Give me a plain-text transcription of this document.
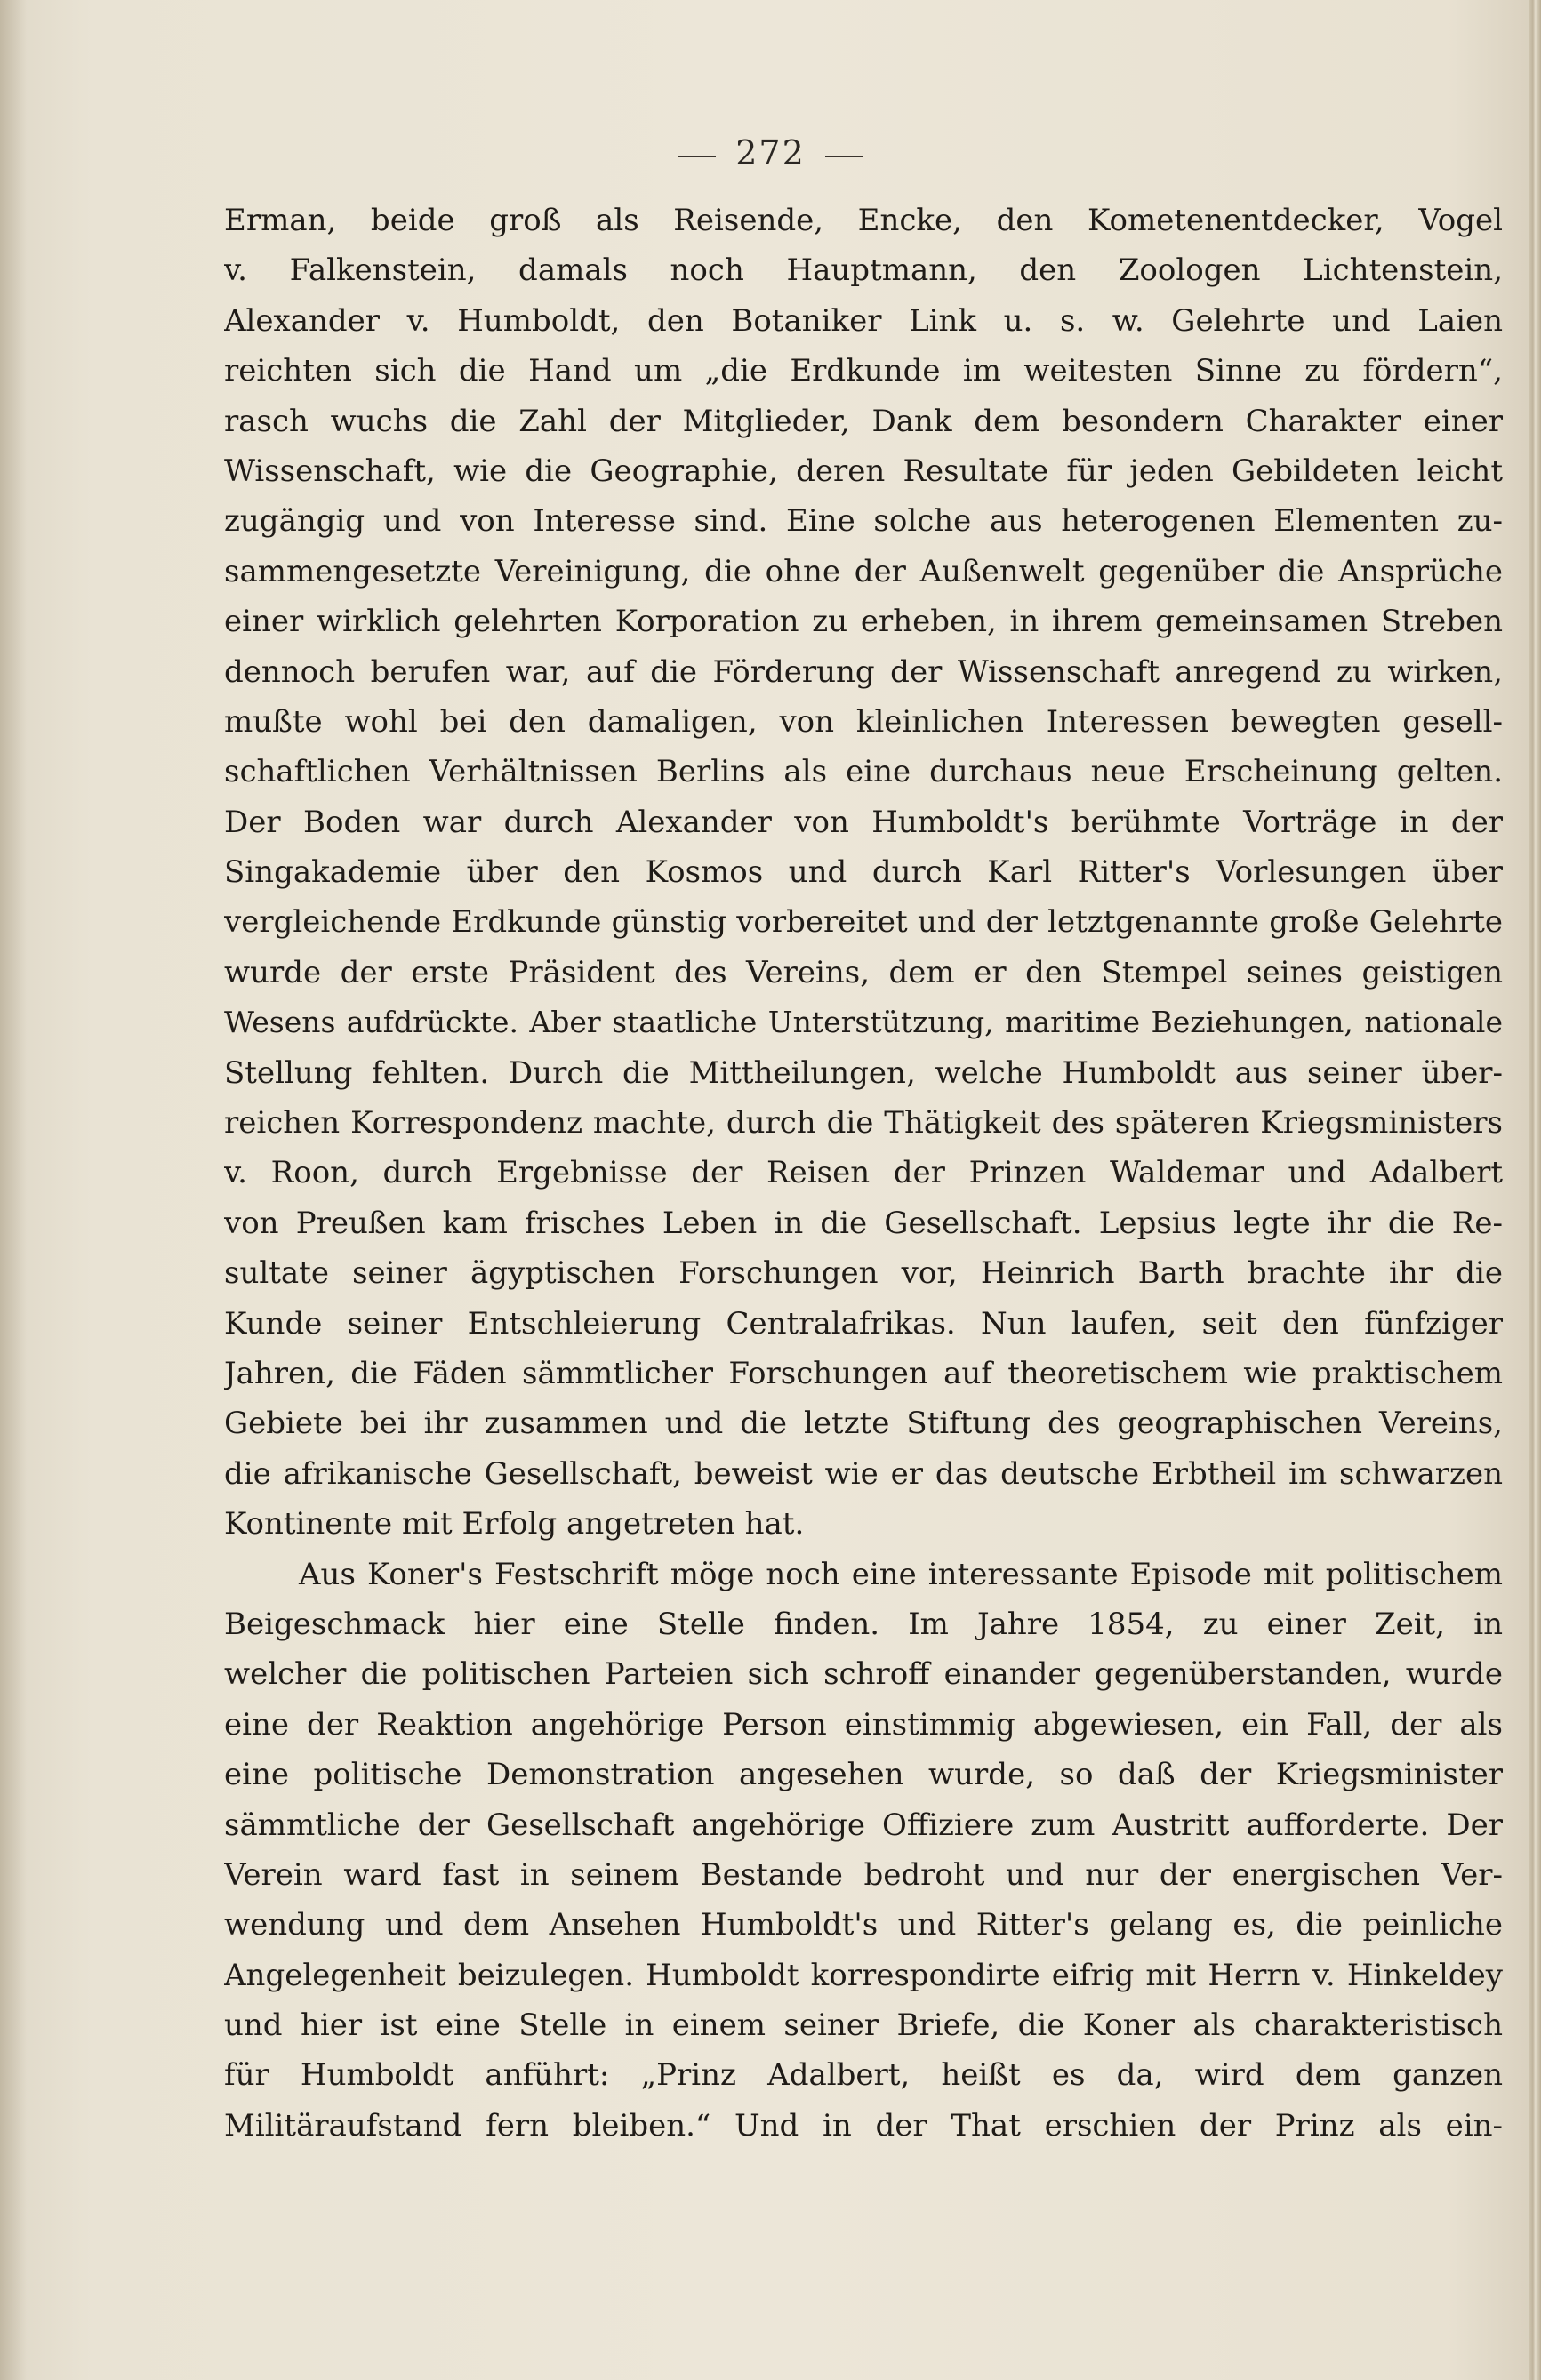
272
Erman, beide groß als Reisende, Encke, den Kometenentdecker, Vogel
v. Falkenstein, damals noch Hauptmann, den Zoologen Lichtenstein,
Alexander v. Humboldt, den Botaniker Link u. s. w. Gelehrte und Laien
reichten sich die Hand um „die Erdkunde im weitesten Sinne zu fördern“,
rasch wuchs die Zahl der Mitglieder, Dank dem besondern Charakter einer
Wissenschaft, wie die Geographie, deren Resultate für jeden Gebildeten leicht
zugängig und von Interesse sind. Eine solche aus heterogenen Elementen zu-
sammengesetzte Vereinigung, die ohne der Außenwelt gegenüber die Ansprüche
einer wirklich gelehrten Korporation zu erheben, in ihrem gemeinsamen Streben
dennoch berufen war, auf die Förderung der Wissenschaft anregend zu wirken,
mußte wohl bei den damaligen, von kleinlichen Interessen bewegten gesell-
schaftlichen Verhältnissen Berlins als eine durchaus neue Erscheinung gelten.
Der Boden war durch Alexander von Humboldt's berühmte Vorträge in der
Singakademie über den Kosmos und durch Karl Ritter's Vorlesungen über
vergleichende Erdkunde günstig vorbereitet und der letztgenannte große Gelehrte
wurde der erste Präsident des Vereins, dem er den Stempel seines geistigen
Wesens aufdrückte. Aber staatliche Unterstützung, maritime Beziehungen, nationale
Stellung fehlten. Durch die Mittheilungen, welche Humboldt aus seiner über-
reichen Korrespondenz machte, durch die Thätigkeit des späteren Kriegsministers
v. Roon, durch Ergebnisse der Reisen der Prinzen Waldemar und Adalbert
von Preußen kam frisches Leben in die Gesellschaft. Lepsius legte ihr die Re-
sultate seiner ägyptischen Forschungen vor, Heinrich Barth brachte ihr die
Kunde seiner Entschleierung Centralafrikas. Nun laufen, seit den fünfziger
Jahren, die Fäden sämmtlicher Forschungen auf theoretischem wie praktischem
Gebiete bei ihr zusammen und die letzte Stiftung des geographischen Vereins,
die afrikanische Gesellschaft, beweist wie er das deutsche Erbtheil im schwarzen
Kontinente mit Erfolg angetreten hat.
Aus Koner's Festschrift möge noch eine interessante Episode mit politischem
Beigeschmack hier eine Stelle finden. Im Jahre 1854, zu einer Zeit, in
welcher die politischen Parteien sich schroff einander gegenüberstanden, wurde
eine der Reaktion angehörige Person einstimmig abgewiesen, ein Fall, der als
eine politische Demonstration angesehen wurde, so daß der Kriegsminister
sämmtliche der Gesellschaft angehörige Offiziere zum Austritt aufforderte. Der
Verein ward fast in seinem Bestande bedroht und nur der energischen Ver-
wendung und dem Ansehen Humboldt's und Ritter's gelang es, die peinliche
Angelegenheit beizulegen. Humboldt korrespondirte eifrig mit Herrn v. Hinkeldey
und hier ist eine Stelle in einem seiner Briefe, die Koner als charakteristisch
für Humboldt anführt: „Prinz Adalbert, heißt es da, wird dem ganzen
Militäraufstand fern bleiben.“ Und in der That erschien der Prinz als ein-
